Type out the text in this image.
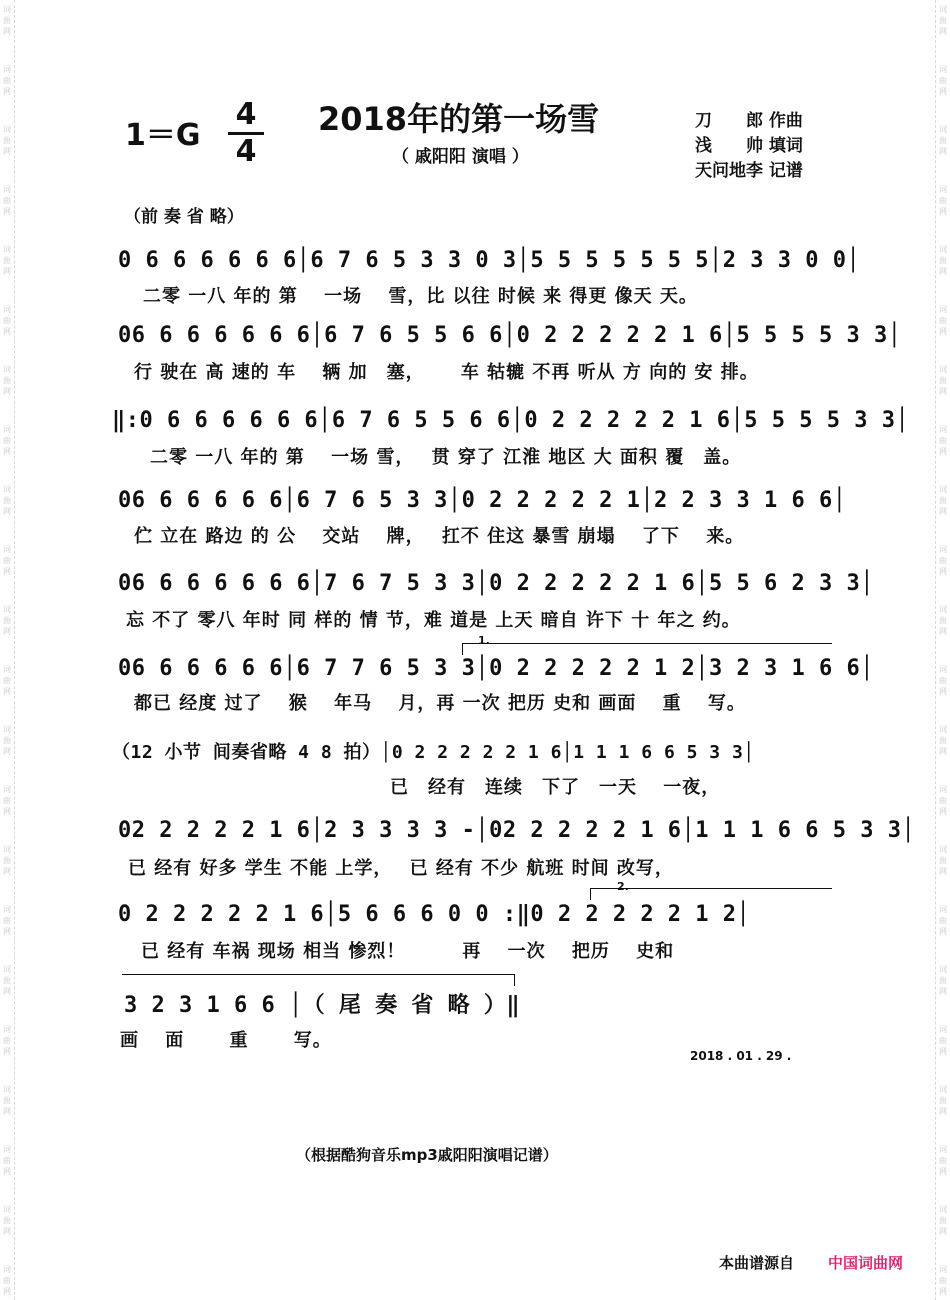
词
曲
网
词
曲
网
词
曲
网
词
曲
网
词
曲
网
词
曲
网
词
曲
网
词
曲
网
词
曲
网
词
曲
网
词
曲
网
词
曲
网
词
曲
网
词
曲
网
词
曲
网
词
曲
网
词
曲
网
词
曲
网
词
曲
网
词
曲
网
词
曲
网
词
曲
网
词
曲
网
词
曲
网
词
曲
网
词
曲
网
词
曲
网
词
曲
网
词
曲
网
词
曲
网
词
曲
网
词
曲
网
词
曲
网
词
曲
网
词
曲
网
词
曲
网
词
曲
网
词
曲
网
词
曲
网
词
曲
网
词
曲
网
词
曲
网
词
曲
网
词
曲
网
$1=G \frac{4}{4} 2018$年的第一场雪
（ 戚阳阳 演唱 ）
刀　　郎 作曲
浅　　帅 填词
天问地李 记谱
（前 奏 省 略）
0 6 6 6 6 6 6│6 7 6 5 3 3 0 3│5 5 5 5 5 5 5│2 3 3 0 0│
二零 一八 年的 第　 一场　 雪，比 以往 时候 来 得更 像天 天。
06 6 6 6 6 6 6│6 7 6 5 5 6 6│0 2 2 2 2 2 1 6│5 5 5 5 3 3│
行 驶在 高 速的 车　 辆 加　塞，　　 车 轱辘 不再 听从 方 向的 安 排。
‖:0 6 6 6 6 6 6│6 7 6 5 5 6 6│0 2 2 2 2 2 1 6│5 5 5 5 3 3│
二零 一八 年的 第　 一场 雪，　 贯 穿了 江淮 地区 大 面积 覆　盖。
06 6 6 6 6 6│6 7 6 5 3 3│0 2 2 2 2 2 1│2 2 3 3 1 6 6│
伫 立在 路边 的 公　 交站　 牌，　 扛不 住这 暴雪 崩塌　 了下　 来。
06 6 6 6 6 6 6│7 6 7 5 3 3│0 2 2 2 2 2 1 6│5 5 6 2 3 3│
忘 不了 零八 年时 同 样的 情 节，难 道是 上天 暗自 许下 十 年之 约。
1.
06 6 6 6 6 6│6 7 7 6 5 3 3│0 2 2 2 2 2 1 2│3 2 3 1 6 6│
都已 经度 过了　 猴　 年马　 月，再 一次 把历 史和 画面　 重　 写。
（12 小节 间奏省略 4 8 拍）│0 2 2 2 2 2 1 6│1 1 1 6 6 5 3 3│
已　经有　连续　下了　一天　 一夜，
02 2 2 2 2 1 6│2 3 3 3 3 -│02 2 2 2 2 1 6│1 1 1 6 6 5 3 3│
已 经有 好多 学生 不能 上学，　 已 经有 不少 航班 时间 改写，
2.
0 2 2 2 2 2 1 6│5 6 6 6 0 0 :‖0 2 2 2 2 2 1 2│
已 经有 车祸 现场 相当 惨烈！　　　再　 一次　 把历　 史和
3 2 3 1 6 6 │（ 尾 奏 省 略 ）‖
画　 面　　 重　　 写。
2018 . 01 . 29 .
（根据酷狗音乐mp3戚阳阳演唱记谱）
本曲谱源自 中国词曲网
